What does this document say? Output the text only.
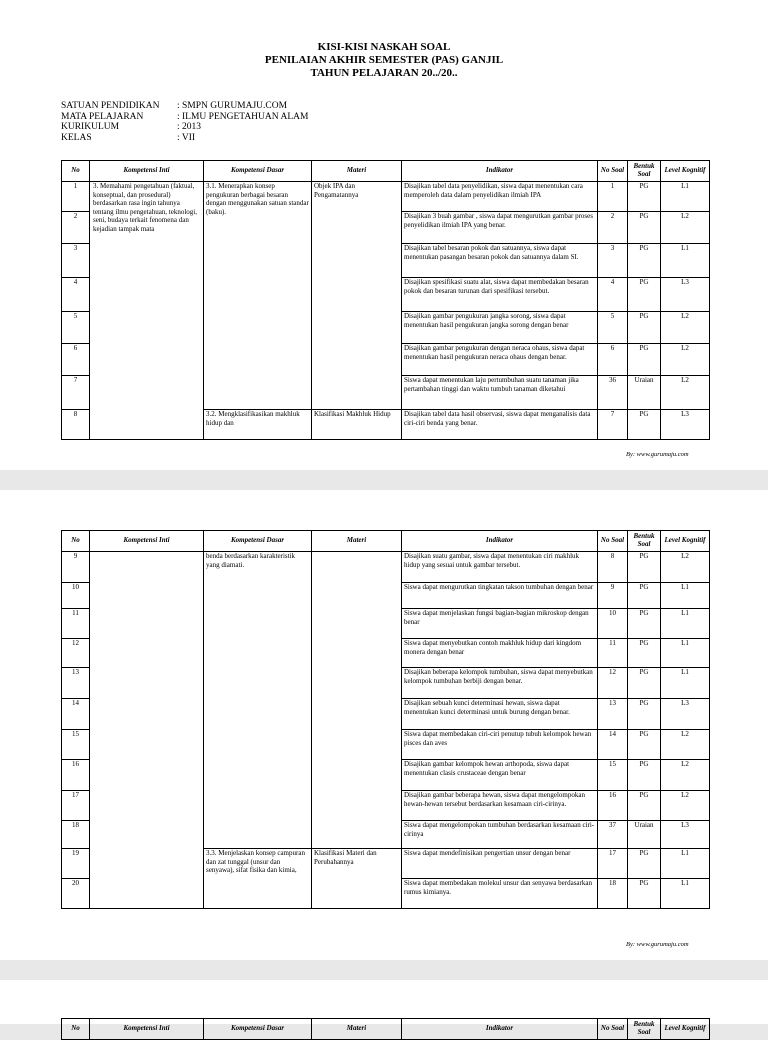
KISI-KISI NASKAH SOAL
PENILAIAN AKHIR SEMESTER (PAS) GANJIL
TAHUN PELAJARAN 20../20..
SATUAN PENDIDIKAN	: SMPN GURUMAJU.COM
MATA PELAJARAN	: ILMU PENGETAHUAN ALAM
KURIKULUM	: 2013
KELAS	: VII
No	Kompetensi Inti	Kompetensi Dasar	Materi	Indikator	No Soal	Bentuk Soal	Level Kognitif
1	3. Memahami pengetahuan (faktual, konseptual, dan prosedural) berdasarkan rasa ingin tahunya tentang ilmu pengetahuan, teknologi, seni, budaya terkait fenomena dan kejadian tampak mata	3.1. Menerapkan konsep pengukuran berbagai besaran dengan menggunakan satuan standar (baku).	Objek IPA dan Pengamatannya	Disajikan tabel data penyelidikan, siswa dapat menentukan cara memperoleh data dalam penyelidikan ilmiah IPA	1	PG	L1
2				Disajikan 3 buah gambar , siswa dapat mengurutkan gambar proses penyelidikan ilmiah IPA yang benar.	2	PG	L2
3				Disajikan tabel besaran pokok dan satuannya, siswa dapat menentukan pasangan besaran pokok dan satuannya dalam SI.	3	PG	L1
4				Disajikan spesifikasi suatu alat, siswa dapat membedakan besaran pokok dan besaran turunan dari spesifikasi tersebut.	4	PG	L3
5				Disajikan gambar pengukuran jangka sorong, siswa dapat menentukan hasil pengukuran jangka sorong dengan benar	5	PG	L2
6				Disajikan gambar pengukuran dengan neraca ohaus, siswa dapat menentukan hasil pengukuran neraca ohaus dengan benar.	6	PG	L2
7				Siswa dapat menentukan laju pertumbuhan suatu tanaman jika pertambahan tinggi dan waktu tumbuh tanaman diketahui	36	Uraian	L2
8		3.2. Mengklasifikasikan makhluk hidup dan	Klasifikasi Makhluk Hidup	Disajikan tabel data hasil observasi, siswa dapat menganalisis data ciri-ciri benda yang benar.	7	PG	L3
By: www.gurumaju.com
No	Kompetensi Inti	Kompetensi Dasar	Materi	Indikator	No Soal	Bentuk Soal	Level Kognitif
9		benda berdasarkan karakteristik yang diamati.		Disajikan suatu gambar, siswa dapat menentukan ciri makhluk hidup yang sesuai untuk gambar tersebut.	8	PG	L2
10				Siswa dapat mengurutkan tingkatan takson tumbuhan dengan benar	9	PG	L1
11				Siswa dapat menjelaskan fungsi bagian-bagian mikroskop dengan benar	10	PG	L1
12				Siswa dapat menyebutkan contoh makhluk hidup dari kingdom monera dengan benar	11	PG	L1
13				Disajikan beberapa kelompok tumbuhan, siswa dapat menyebutkan kelompok tumbuhan berbiji dengan benar.	12	PG	L1
14				Disajikan sebuah kunci determinasi hewan, siswa dapat menentukan kunci determinasi untuk burung dengan benar.	13	PG	L3
15				Siswa dapat membedakan ciri-ciri penutup tubuh kelompok hewan pisces dan aves	14	PG	L2
16				Disajikan gambar kelompok hewan arthopoda, siswa dapat menentukan clasis crustaceae dengan benar	15	PG	L2
17				Disajikan gambar beberapa hewan, siswa dapat mengelompokan hewan-hewan tersebut berdasarkan kesamaan ciri-cirinya.	16	PG	L2
18				Siswa dapat mengelompokan tumbuhan berdasarkan kesamaan ciri-cirinya	37	Uraian	L3
19		3.3. Menjelaskan konsep campuran dan zat tunggal (unsur dan senyawa), sifat fisika dan kimia,	Klasifikasi Materi dan Perubahannya	Siswa dapat mendefinisikan pengertian unsur dengan benar	17	PG	L1
20				Siswa dapat membedakan molekul unsur dan senyawa berdasarkan rumus kimianya.	18	PG	L1
By: www.gurumaju.com
No	Kompetensi Inti	Kompetensi Dasar	Materi	Indikator	No Soal	Bentuk Soal	Level Kognitif
